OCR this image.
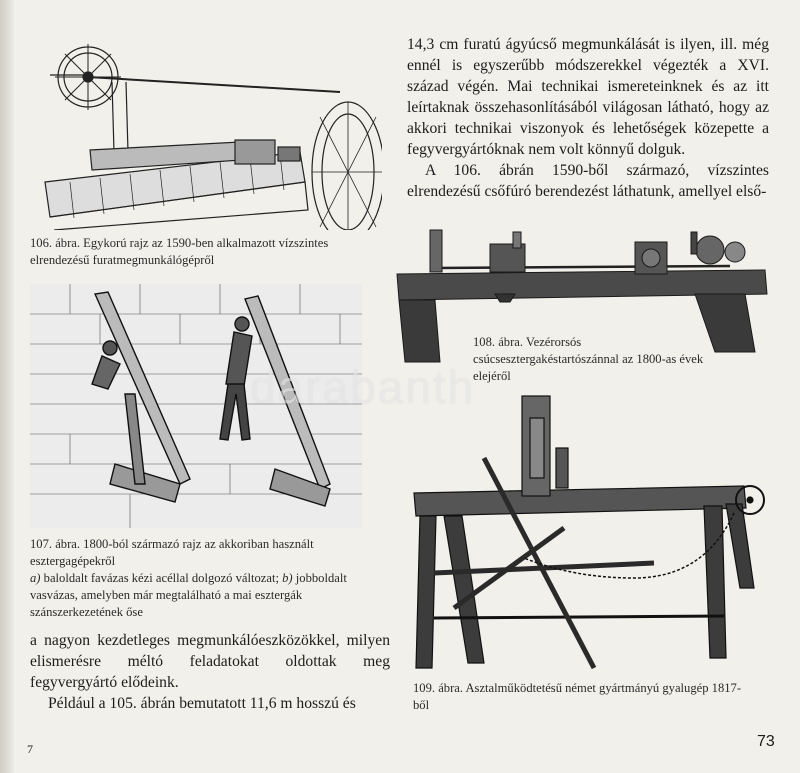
106. ábra. Egykorú rajz az 1590-ben alkalmazott vízszintes elrendezésű furatmegmunkálógépről
107. ábra. 1800-ból származó rajz az akkoriban használt esztergagépekről
a) baloldalt favázas kézi acéllal dolgozó változat; b) jobboldalt vasvázas, amelyben már megtalálható a mai esztergák szánszerkezetének őse

a nagyon kezdetleges megmunkálóeszközökkel, milyen elismerésre méltó feladatokat oldottak meg fegyvergyártó elődeink.

Például a 105. ábrán bemutatott 11,6 m hosszú és

14,3 cm furatú ágyúcső megmunkálását is ilyen, ill. még ennél is egyszerűbb módszerekkel végezték a XVI. század végén. Mai technikai ismereteinknek és az itt leírtaknak összehasonlításából világosan látható, hogy az akkori technikai viszonyok és lehetőségek közepette a fegyvergyártóknak nem volt könnyű dolguk.

A 106. ábrán 1590-ből származó, vízszintes elrendezésű csőfúró berendezést láthatunk, amellyel első-

108. ábra. Vezérorsós csúcsesztergakéstartószánnal az 1800-as évek elejéről
109. ábra. Asztalműködtetésű német gyártmányú gyalugép 1817-ből
darabanth
7	73
